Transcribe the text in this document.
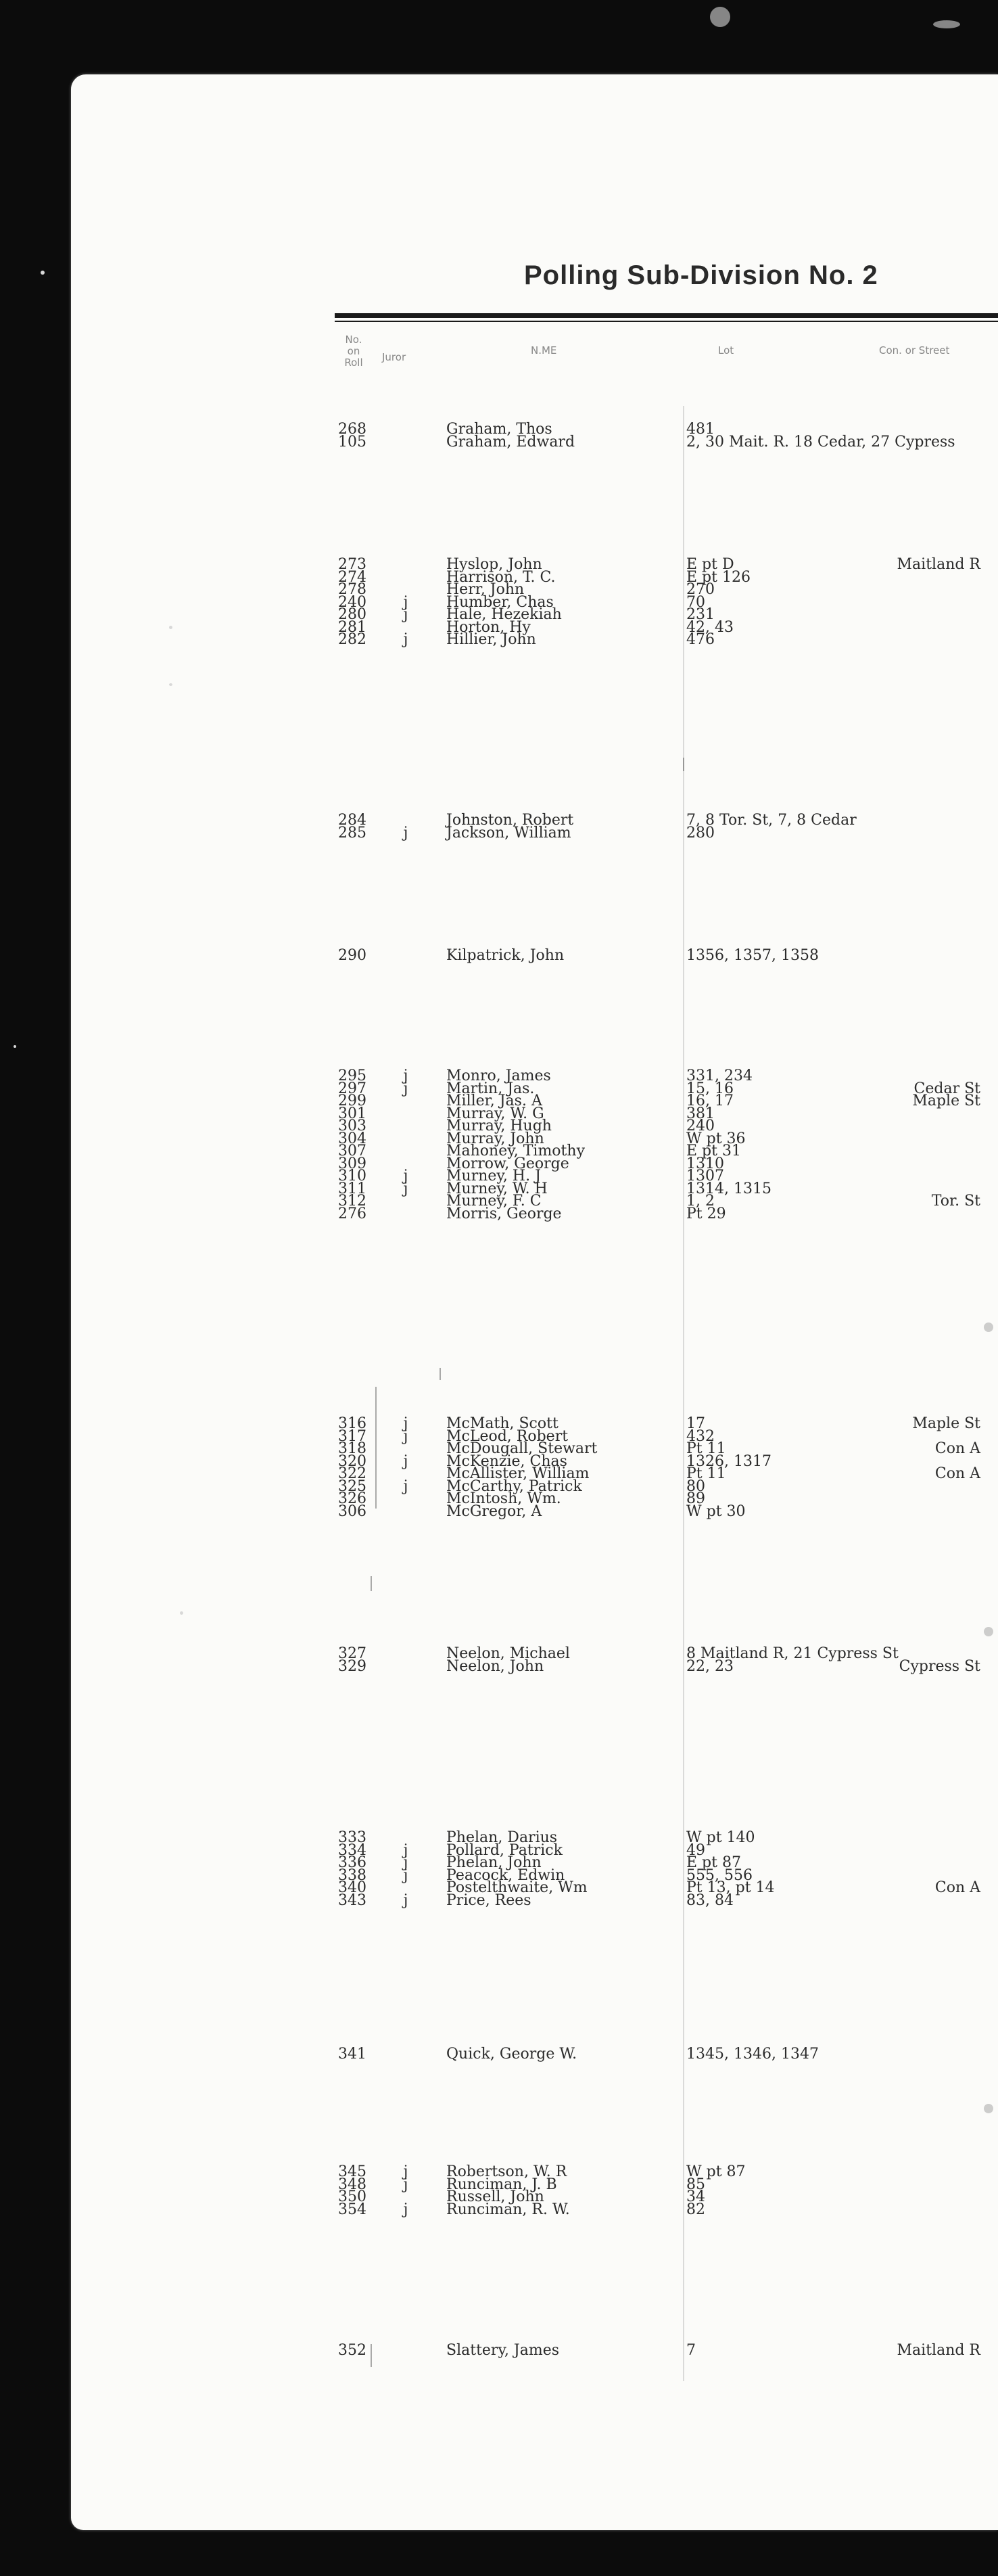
Polling Sub-Division No. 2
No.
on
Roll	Juror
N.ME	Lot	Con. or Street
268	Graham, Thos	481
105	Graham, Edward	2, 30 Mait. R. 18 Cedar, 27 Cypress
273	Hyslop, John	E pt D	Maitland R
274	Harrison, T. C.	E pt 126
278	Herr, John	270
240 j	Humber, Chas	70
280 j	Hale, Hezekiah	231
281	Horton, Hy	42, 43
282 j	Hillier, John	476
284	Johnston, Robert	7, 8 Tor. St, 7, 8 Cedar
285 j	Jackson, William	280
290	Kilpatrick, John	1356, 1357, 1358
295 j	Monro, James	331, 234
297 j	Martin, Jas.	15, 16	Cedar St
299	Miller, Jas. A	16, 17	Maple St
301	Murray, W. G	381
303	Murray, Hugh	240
304	Murray, John	W pt 36
307	Mahoney, Timothy	E pt 31
309	Morrow, George	1310
310 j	Murney, H. J	1307
311 j	Murney, W. H	1314, 1315
312	Murney, F. C	1, 2	Tor. St
276	Morris, George	Pt 29
316 j	McMath, Scott	17	Maple St
317 j	McLeod, Robert	432
318	McDougall, Stewart	Pt 11	Con A
320 j	McKenzie, Chas	1326, 1317
322	McAllister, William	Pt 11	Con A
325 j	McCarthy, Patrick	80
326	McIntosh, Wm.	89
306	McGregor, A	W pt 30
327	Neelon, Michael	8 Maitland R, 21 Cypress St
329	Neelon, John	22, 23	Cypress St
333	Phelan, Darius	W pt 140
334 j	Pollard, Patrick	49
336 j	Phelan, John	E pt 87
338 j	Peacock, Edwin	555, 556
340	Postelthwaite, Wm	Pt 13, pt 14	Con A
343 j	Price, Rees	83, 84
341	Quick, George W.	1345, 1346, 1347
345 j	Robertson, W. R	W pt 87
348 j	Runciman, J. B	85
350	Russell, John	34
354 j	Runciman, R. W.	82
352	Slattery, James	7	Maitland R
